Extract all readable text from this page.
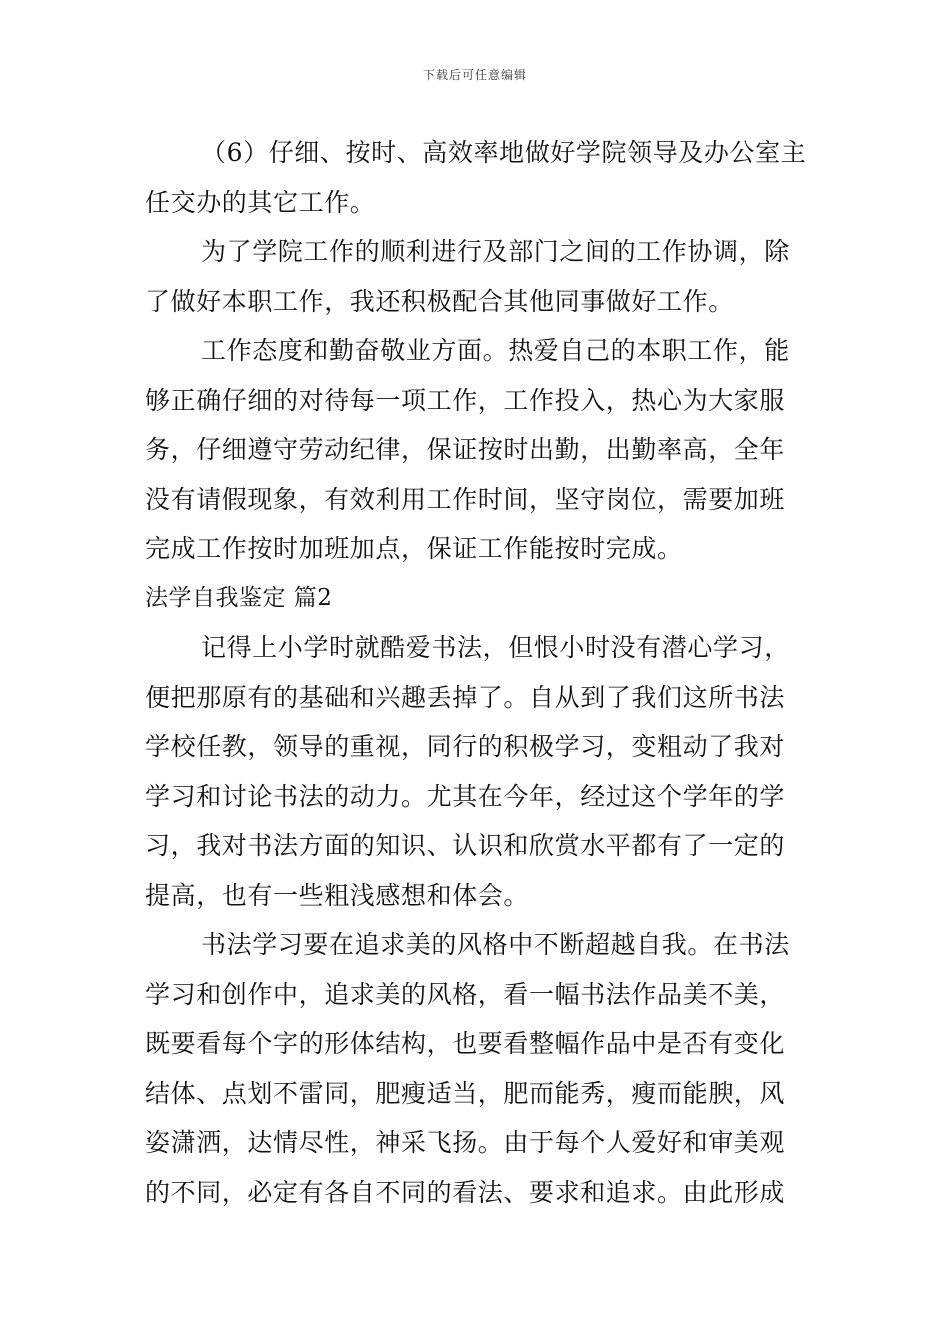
下载后可任意编辑
（6）仔细、按时、高效率地做好学院领导及办公室主
任交办的其它工作。
为了学院工作的顺利进行及部门之间的工作协调，除
了做好本职工作，我还积极配合其他同事做好工作。
工作态度和勤奋敬业方面。热爱自己的本职工作，能
够正确仔细的对待每一项工作，工作投入，热心为大家服
务，仔细遵守劳动纪律，保证按时出勤，出勤率高，全年
没有请假现象，有效利用工作时间，坚守岗位，需要加班
完成工作按时加班加点，保证工作能按时完成。
法学自我鉴定 篇2
记得上小学时就酷爱书法，但恨小时没有潜心学习，
便把那原有的基础和兴趣丢掉了。自从到了我们这所书法
学校任教，领导的重视，同行的积极学习，变粗动了我对
学习和讨论书法的动力。尤其在今年，经过这个学年的学
习，我对书法方面的知识、认识和欣赏水平都有了一定的
提高，也有一些粗浅感想和体会。
书法学习要在追求美的风格中不断超越自我。在书法
学习和创作中，追求美的风格，看一幅书法作品美不美，
既要看每个字的形体结构，也要看整幅作品中是否有变化
结体、点划不雷同，肥瘦适当，肥而能秀，瘦而能腴，风
姿潇洒，达情尽性，神采飞扬。由于每个人爱好和审美观
的不同，必定有各自不同的看法、要求和追求。由此形成
